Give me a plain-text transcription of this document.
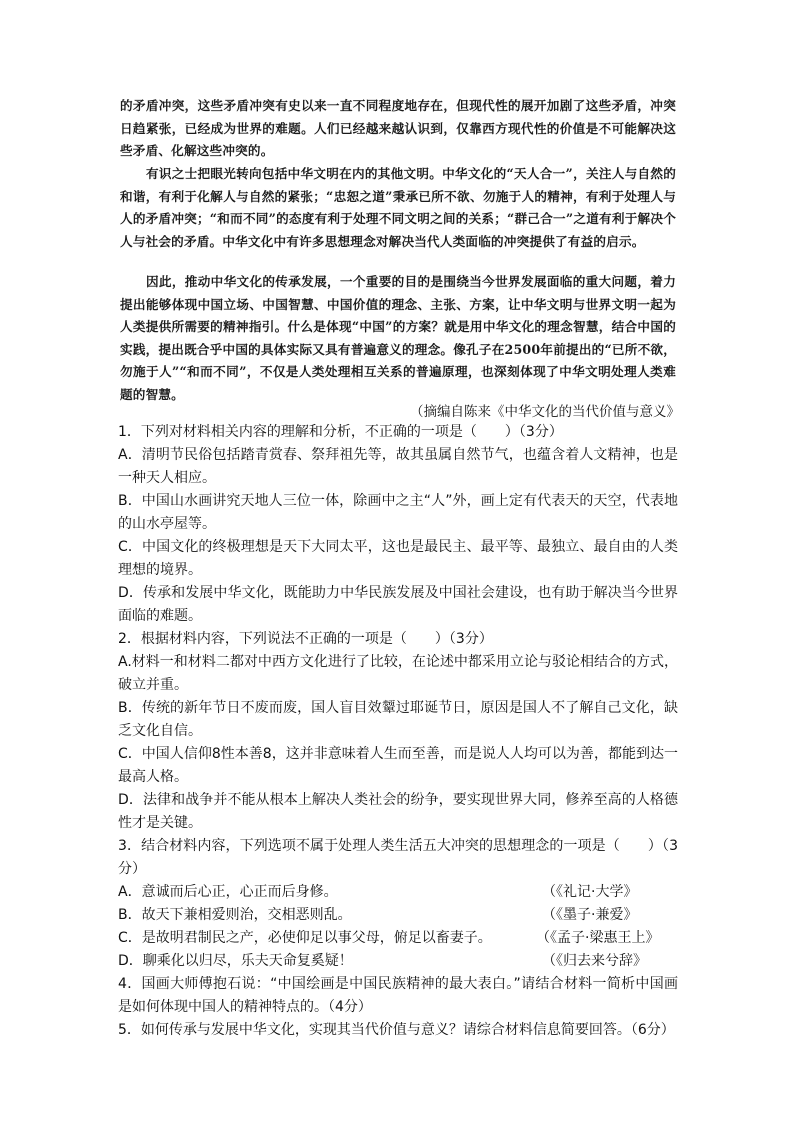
的矛盾冲突，这些矛盾冲突有史以来一直不同程度地存在，但现代性的展开加剧了这些矛盾，冲突日趋紧张，已经成为世界的难题。人们已经越来越认识到，仅靠西方现代性的价值是不可能解决这些矛盾、化解这些冲突的。
有识之士把眼光转向包括中华文明在内的其他文明。中华文化的“天人合一”，关注人与自然的和谐，有利于化解人与自然的紧张；“忠恕之道”秉承已所不欲、勿施于人的精神，有利于处理人与人的矛盾冲突；“和而不同”的态度有利于处理不同文明之间的关系；“群己合一”之道有利于解决个人与社会的矛盾。中华文化中有许多思想理念对解决当代人类面临的冲突提供了有益的启示。
因此，推动中华文化的传承发展，一个重要的目的是围绕当今世界发展面临的重大问题，着力提出能够体现中国立场、中国智慧、中国价值的理念、主张、方案，让中华文明与世界文明一起为人类提供所需要的精神指引。什么是体现“中国”的方案？就是用中华文化的理念智慧，结合中国的实践，提出既合乎中国的具体实际又具有普遍意义的理念。像孔子在2500年前提出的“已所不欲，勿施于人”“和而不同”，不仅是人类处理相互关系的普遍原理，也深刻体现了中华文明处理人类难题的智慧。
（摘编自陈来《中华文化的当代价值与意义》
1．下列对材料相关内容的理解和分析，不正确的一项是（　　）（3分）
A．清明节民俗包括踏青赏春、祭拜祖先等，故其虽属自然节气，也蕴含着人文精神，也是一种天人相应。
B．中国山水画讲究天地人三位一体，除画中之主“人”外，画上定有代表天的天空，代表地的山水亭屋等。
C．中国文化的终极理想是天下大同太平，这也是最民主、最平等、最独立、最自由的人类理想的境界。
D．传承和发展中华文化，既能助力中华民族发展及中国社会建设，也有助于解决当今世界面临的难题。
2．根据材料内容，下列说法不正确的一项是（　　）（3分）
A.材料一和材料二都对中西方文化进行了比较，在论述中都采用立论与驳论相结合的方式，破立并重。
B．传统的新年节日不废而废，国人盲目效颦过耶诞节日，原因是国人不了解自己文化，缺乏文化自信。
C．中国人信仰8性本善8，这并非意味着人生而至善，而是说人人均可以为善，都能到达一最高人格。
D．法律和战争并不能从根本上解决人类社会的纷争，要实现世界大同，修养至高的人格德性才是关键。
3．结合材料内容，下列选项不属于处理人类生活五大冲突的思想理念的一项是（　　）（3分）
A．意诚而后心正，心正而后身修。	（《礼记·大学》
B．故天下兼相爱则治，交相恶则乱。	（《墨子·兼爱》
C．是故明君制民之产，必使仰足以事父母，俯足以畜妻子。	（《孟子·梁惠王上》
D．聊乘化以归尽，乐夫天命复奚疑！	（《归去来兮辞》
4．国画大师傅抱石说：“中国绘画是中国民族精神的最大表白。”请结合材料一简析中国画是如何体现中国人的精神特点的。（4分）
5．如何传承与发展中华文化，实现其当代价值与意义？请综合材料信息简要回答。（6分）
